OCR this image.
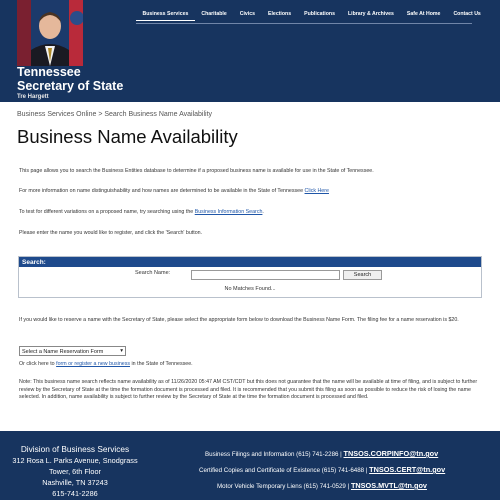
Tennessee
Secretary of State
Tre Hargett
Business Services	Charitable	Civics	Elections	Publications	Library & Archives	Safe At Home	Contact Us
Business Services Online > Search Business Name Availability
Business Name Availability
This page allows you to search the Business Entities database to determine if a proposed business name is available for use in the State of Tennessee.
For more information on name distinguishability and how names are determined to be available in the State of Tennessee Click Here
To test for different variations on a proposed name, try searching using the Business Information Search.
Please enter the name you would like to register, and click the 'Search' button.
Search:
Search Name:	Search
No Matches Found...
If you would like to reserve a name with the Secretary of State, please select the appropriate form below to download the Business Name Form. The filing fee for a name reservation is $20.
Select a Name Reservation Form	▾
Or click here to form or register a new business in the State of Tennessee.
Note: This business name search reflects name availability as of 11/26/2020 05:47 AM CST/CDT but this does not guarantee that the name will be available at time of filing, and is subject to further review by the Secretary of State at the time the formation document is processed and filed. It is recommended that you submit this filing as soon as possible to reduce the risk of losing the name selected. In addition, name availability is subject to further review by the Secretary of State at the time the formation document is processed and filed.
Division of Business Services
312 Rosa L. Parks Avenue, Snodgrass
Tower, 6th Floor
Nashville, TN 37243
615-741-2286
Business Filings and Information (615) 741-2286 | TNSOS.CORPINFO@tn.gov
Certified Copies and Certificate of Existence (615) 741-6488 | TNSOS.CERT@tn.gov
Motor Vehicle Temporary Liens (615) 741-0529 | TNSOS.MVTL@tn.gov
